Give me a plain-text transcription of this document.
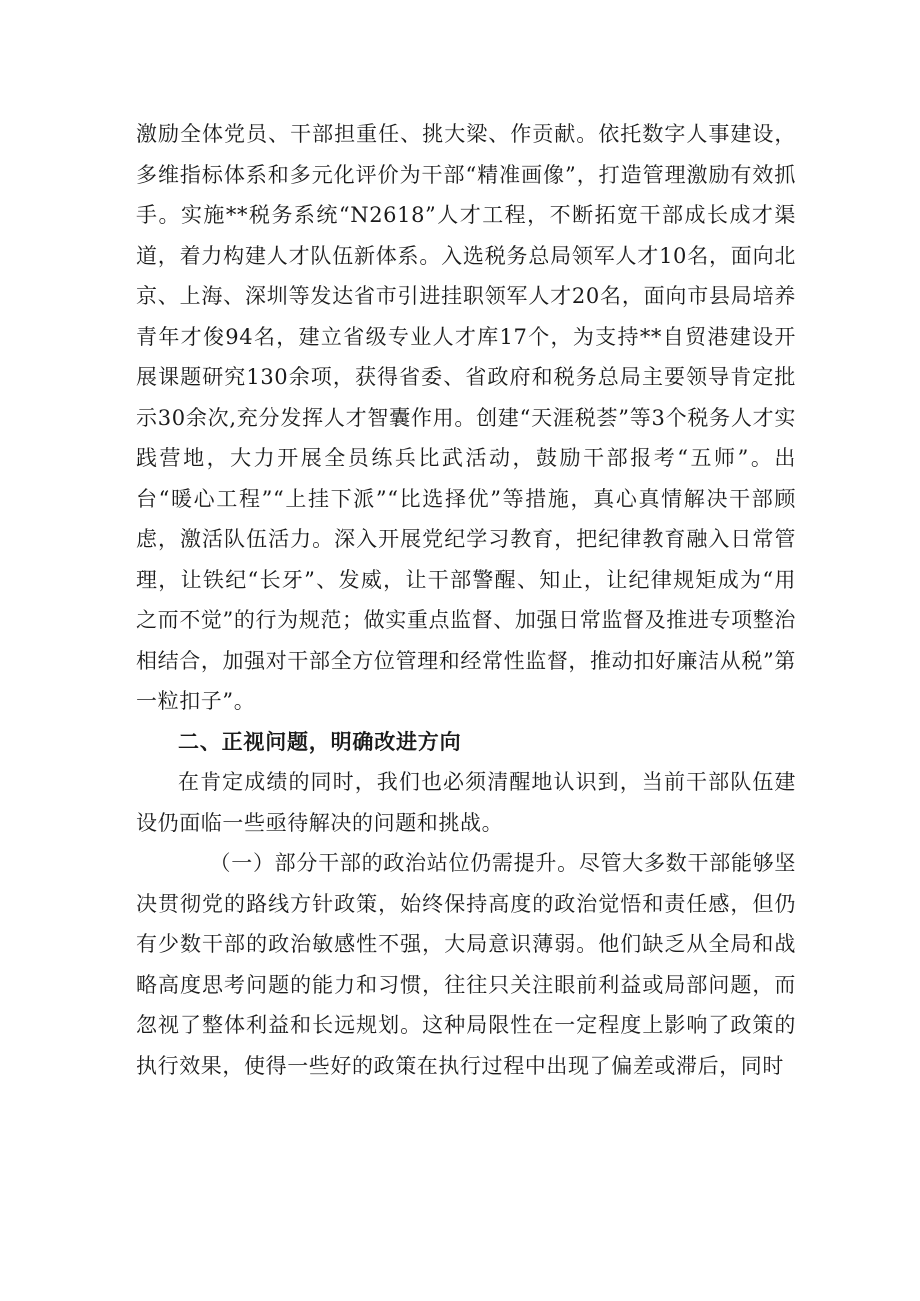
激励全体党员、干部担重任、挑大梁、作贡献。依托数字人事建设，多维指标体系和多元化评价为干部“精准画像”，打造管理激励有效抓手。实施**税务系统“N2618”人才工程，不断拓宽干部成长成才渠道，着力构建人才队伍新体系。入选税务总局领军人才10名，面向北京、上海、深圳等发达省市引进挂职领军人才20名，面向市县局培养青年才俊94名，建立省级专业人才库17个，为支持**自贸港建设开展课题研究130余项，获得省委、省政府和税务总局主要领导肯定批示30余次,充分发挥人才智囊作用。创建“天涯税荟”等3个税务人才实践营地，大力开展全员练兵比武活动，鼓励干部报考“五师”。出台“暖心工程”“上挂下派”“比选择优”等措施，真心真情解决干部顾虑，激活队伍活力。深入开展党纪学习教育，把纪律教育融入日常管理，让铁纪“长牙”、发威，让干部警醒、知止，让纪律规矩成为“用之而不觉”的行为规范；做实重点监督、加强日常监督及推进专项整治相结合，加强对干部全方位管理和经常性监督，推动扣好廉洁从税”第一粒扣子”。

二、正视问题，明确改进方向

在肯定成绩的同时，我们也必须清醒地认识到，当前干部队伍建设仍面临一些亟待解决的问题和挑战。

（一）部分干部的政治站位仍需提升。尽管大多数干部能够坚决贯彻党的路线方针政策，始终保持高度的政治觉悟和责任感，但仍有少数干部的政治敏感性不强，大局意识薄弱。他们缺乏从全局和战略高度思考问题的能力和习惯，往往只关注眼前利益或局部问题，而忽视了整体利益和长远规划。这种局限性在一定程度上影响了政策的执行效果，使得一些好的政策在执行过程中出现了偏差或滞后，同时
